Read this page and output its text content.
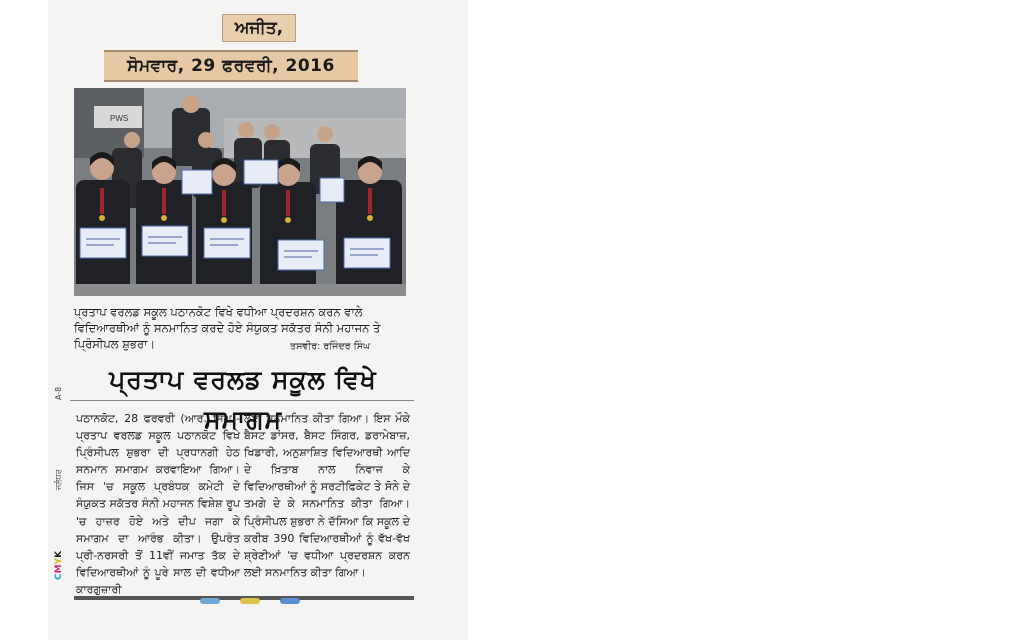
ਅਜੀਤ,
ਸੋਮਵਾਰ, 29 ਫਰਵਰੀ, 2016
PWS
ਪ੍ਰਤਾਪ ਵਰਲਡ ਸਕੂਲ ਪਠਾਨਕੋਟ ਵਿਖੇ ਵਧੀਆ ਪ੍ਰਦਰਸ਼ਨ ਕਰਨ ਵਾਲੇ ਵਿਦਿਆਰਥੀਆਂ ਨੂੰ ਸਨਮਾਨਿਤ ਕਰਦੇ ਹੋਏ ਸੰਯੁਕਤ ਸਕੱਤਰ ਸੰਨੀ ਮਹਾਜਨ ਤੇ ਪ੍ਰਿੰਸੀਪਲ ਸ਼ੁਭਰਾ।	ਤਸਵੀਰ: ਰਜਿੰਦਰ ਸਿੰਘ
ਪ੍ਰਤਾਪ ਵਰਲਡ ਸਕੂਲ ਵਿਖੇ ਸਮਾਗਮ
ਪਠਾਨਕੋਟ, 28 ਫਰਵਰੀ (ਆਰ. ਸਿੰਘ)-ਪ੍ਰਤਾਪ ਵਰਲਡ ਸਕੂਲ ਪਠਾਨਕੋਟ ਵਿਖੇ ਪ੍ਰਿੰਸੀਪਲ ਸ਼ੁਭਰਾ ਦੀ ਪ੍ਰਧਾਨਗੀ ਹੇਠ ਸਨਮਾਨ ਸਮਾਗਮ ਕਰਵਾਇਆ ਗਿਆ। ਜਿਸ 'ਚ ਸਕੂਲ ਪ੍ਰਬੰਧਕ ਕਮੇਟੀ ਦੇ ਸੰਯੁਕਤ ਸਕੱਤਰ ਸੰਨੀ ਮਹਾਜਨ ਵਿਸ਼ੇਸ਼ ਰੂਪ 'ਚ ਹਾਜ਼ਰ ਹੋਏ ਅਤੇ ਦੀਪ ਜਗਾ ਕੇ ਸਮਾਗਮ ਦਾ ਆਰੰਭ ਕੀਤਾ। ਉਪਰੰਤ ਪ੍ਰੀ-ਨਰਸਰੀ ਤੋਂ 11ਵੀਂ ਜਮਾਤ ਤੱਕ ਦੇ ਵਿਦਿਆਰਥੀਆਂ ਨੂੰ ਪੂਰੇ ਸਾਲ ਦੀ ਵਧੀਆ ਕਾਰਗੁਜ਼ਾਰੀ
ਲਈ ਸਨਮਾਨਿਤ ਕੀਤਾ ਗਿਆ। ਇਸ ਮੌਕੇ ਬੈਸਟ ਡਾਂਸਰ, ਬੈਸਟ ਸਿੰਗਰ, ਡਰਾਮੇਬਾਜ਼, ਖਿਡਾਰੀ, ਅਨੁਸ਼ਾਸ਼ਿਤ ਵਿਦਿਆਰਥੀ ਆਦਿ ਦੇ ਖ਼ਿਤਾਬ ਨਾਲ ਨਿਵਾਜ ਕੇ ਵਿਦਿਆਰਥੀਆਂ ਨੂੰ ਸਰਟੀਫਿਕੇਟ ਤੇ ਸੋਨੇ ਦੇ ਤਮਗੇ ਦੇ ਕੇ ਸਨਮਾਨਿਤ ਕੀਤਾ ਗਿਆ। ਪ੍ਰਿੰਸੀਪਲ ਸ਼ੁਭਰਾ ਨੇ ਦੱਸਿਆ ਕਿ ਸਕੂਲ ਦੇ ਕਰੀਬ 390 ਵਿਦਿਆਰਥੀਆਂ ਨੂੰ ਵੱਖ-ਵੱਖ ਸ਼੍ਰੇਣੀਆਂ 'ਚ ਵਧੀਆ ਪ੍ਰਦਰਸ਼ਨ ਕਰਨ ਲਈ ਸਨਮਾਨਿਤ ਕੀਤਾ ਗਿਆ।
A-8
ਜਲੰਧਰ
CMYK
